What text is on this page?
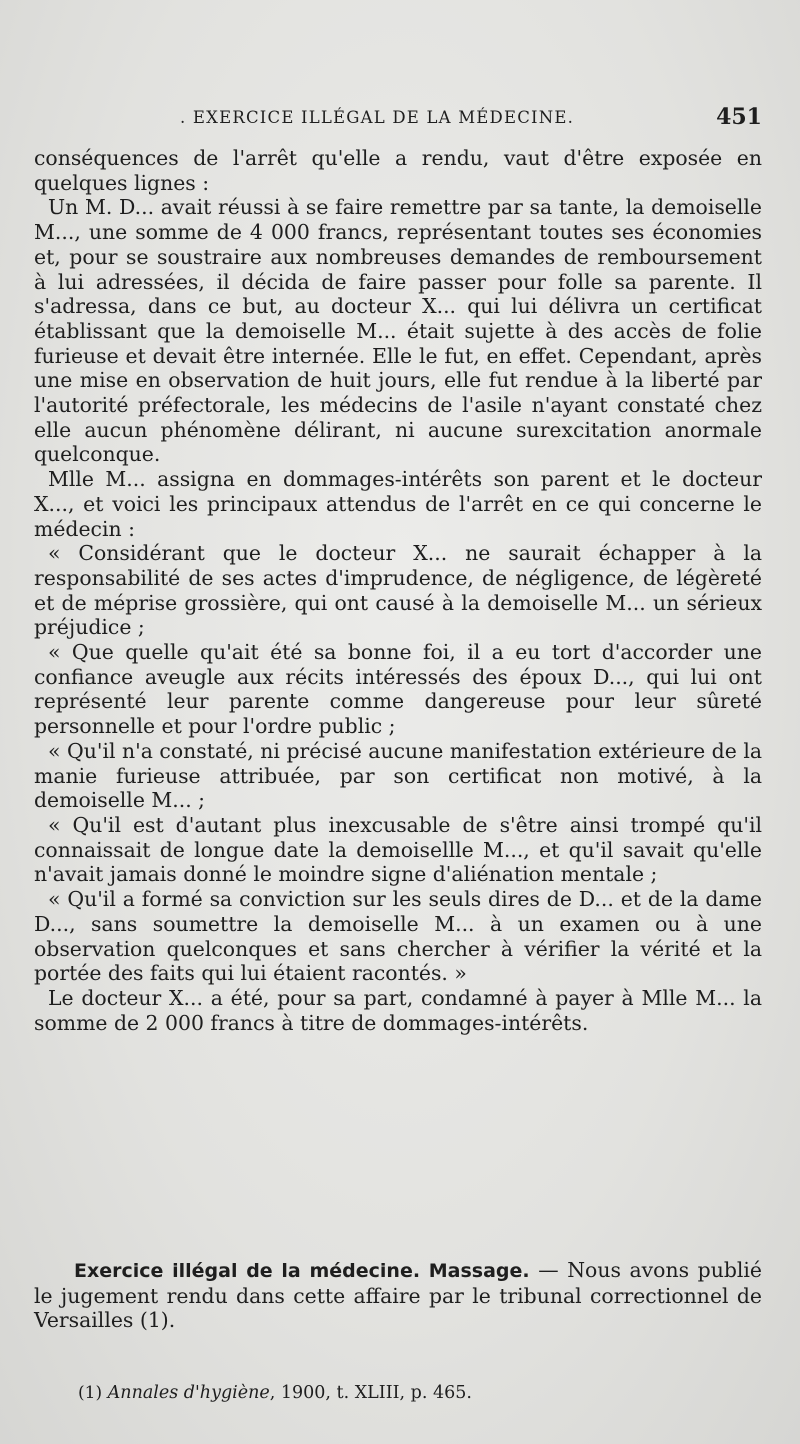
. EXERCICE ILLÉGAL DE LA MÉDECINE.	451

conséquences de l'arrêt qu'elle a rendu, vaut d'être exposée en quelques lignes :

Un M. D... avait réussi à se faire remettre par sa tante, la demoiselle M..., une somme de 4 000 francs, représentant toutes ses économies et, pour se soustraire aux nombreuses demandes de remboursement à lui adressées, il décida de faire passer pour folle sa parente. Il s'adressa, dans ce but, au docteur X... qui lui délivra un certificat établissant que la demoiselle M... était sujette à des accès de folie furieuse et devait être internée. Elle le fut, en effet. Cependant, après une mise en observation de huit jours, elle fut rendue à la liberté par l'autorité préfectorale, les médecins de l'asile n'ayant constaté chez elle aucun phénomène délirant, ni aucune surexcitation anormale quelconque.

Mlle M... assigna en dommages-intérêts son parent et le docteur X..., et voici les principaux attendus de l'arrêt en ce qui concerne le médecin :

« Considérant que le docteur X... ne saurait échapper à la responsabilité de ses actes d'imprudence, de négligence, de légèreté et de méprise grossière, qui ont causé à la demoiselle M... un sérieux préjudice ;

« Que quelle qu'ait été sa bonne foi, il a eu tort d'accorder une confiance aveugle aux récits intéressés des époux D..., qui lui ont représenté leur parente comme dangereuse pour leur sûreté personnelle et pour l'ordre public ;

« Qu'il n'a constaté, ni précisé aucune manifestation extérieure de la manie furieuse attribuée, par son certificat non motivé, à la demoiselle M... ;

« Qu'il est d'autant plus inexcusable de s'être ainsi trompé qu'il connaissait de longue date la demoisellle M..., et qu'il savait qu'elle n'avait jamais donné le moindre signe d'aliénation mentale ;

« Qu'il a formé sa conviction sur les seuls dires de D... et de la dame D..., sans soumettre la demoiselle M... à un examen ou à une observation quelconques et sans chercher à vérifier la vérité et la portée des faits qui lui étaient racontés. »

Le docteur X... a été, pour sa part, condamné à payer à Mlle M... la somme de 2 000 francs à titre de dommages-intérêts.

Exercice illégal de la médecine. Massage. — Nous avons publié le jugement rendu dans cette affaire par le tribunal correctionnel de Versailles (1).

(1) Annales d'hygiène, 1900, t. XLIII, p. 465.
